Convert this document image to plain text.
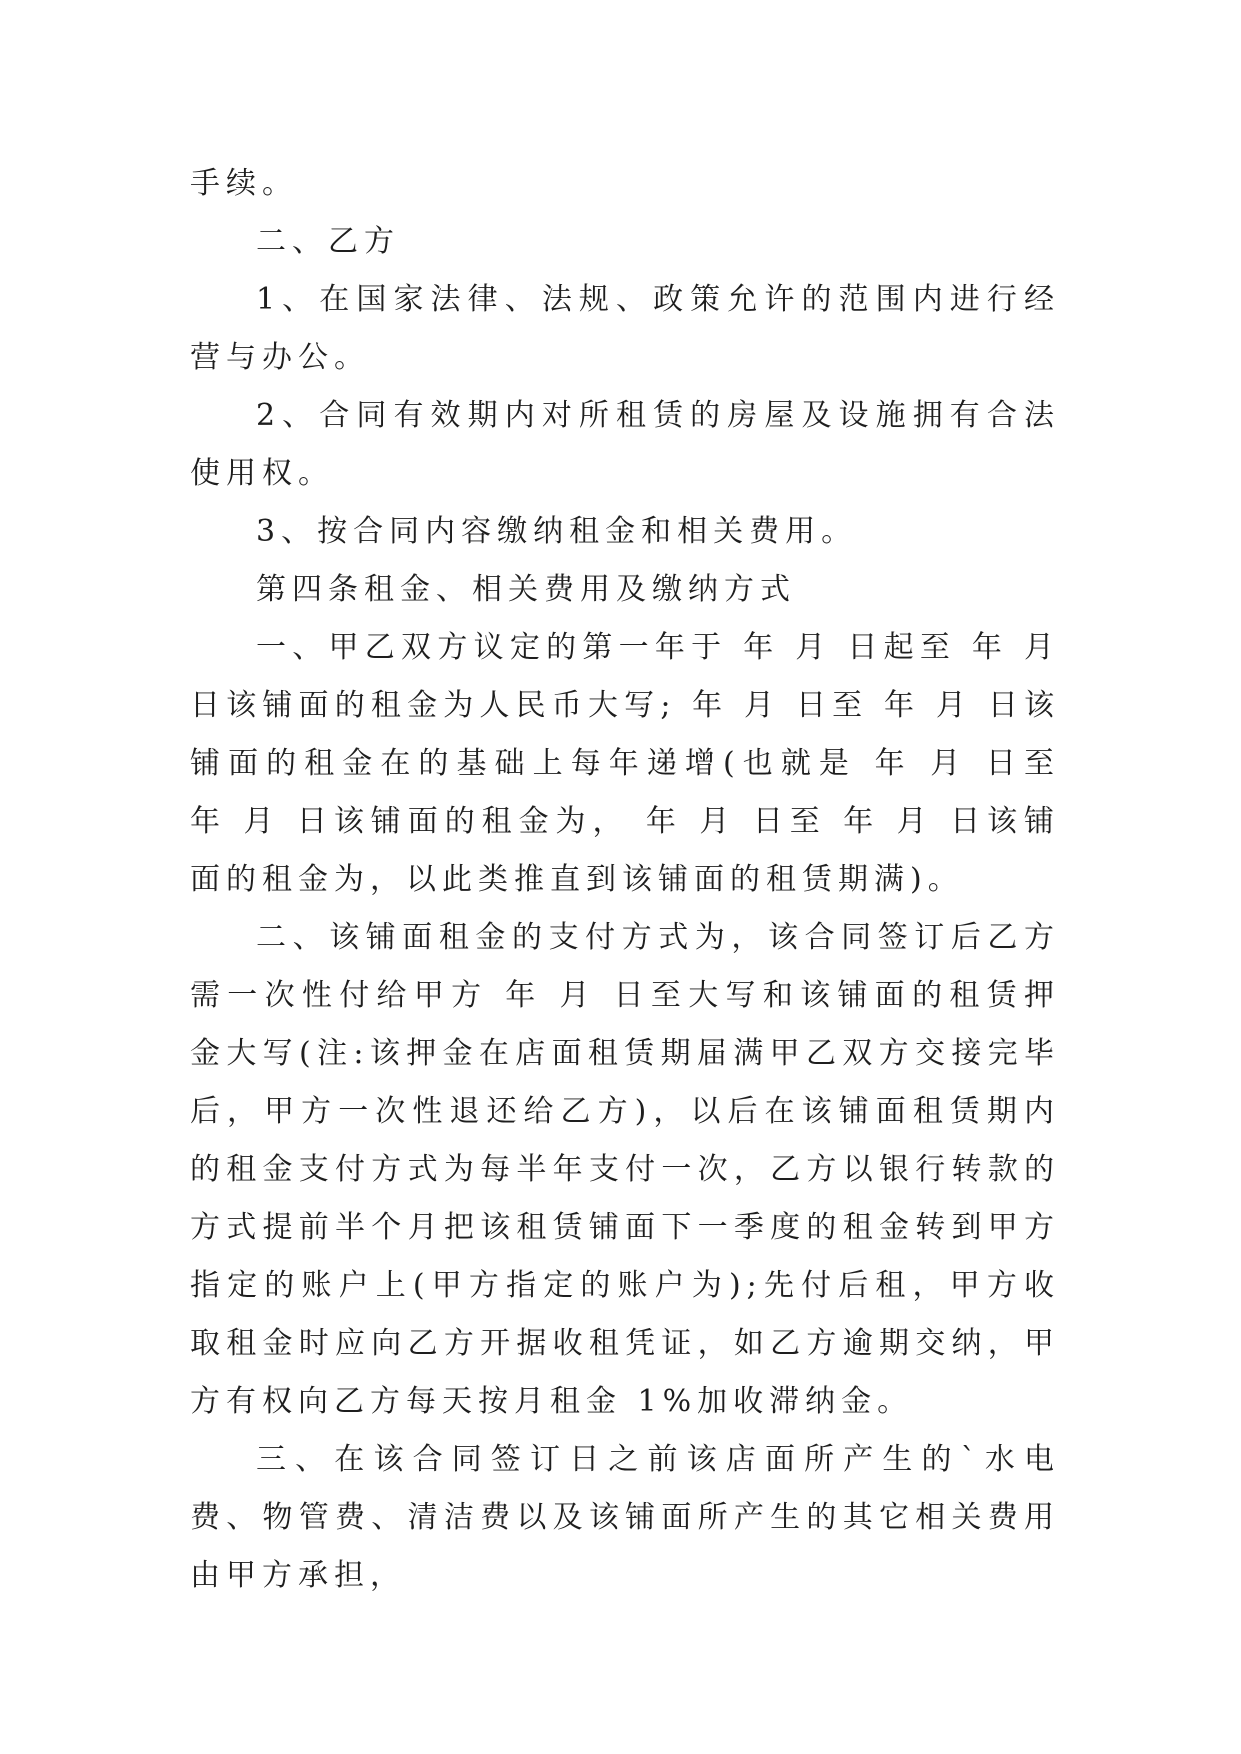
手续。

二、乙方

1、在国家法律、法规、政策允许的范围内进行经营与办公。

2、合同有效期内对所租赁的房屋及设施拥有合法使用权。

3、按合同内容缴纳租金和相关费用。

第四条租金、相关费用及缴纳方式

一、甲乙双方议定的第一年于 年 月 日起至 年 月 日该铺面的租金为人民币大写; 年 月 日至 年 月 日该铺面的租金在的基础上每年递增(也就是 年 月 日至 年 月 日该铺面的租金为， 年 月 日至 年 月 日该铺面的租金为，以此类推直到该铺面的租赁期满)。

二、该铺面租金的支付方式为，该合同签订后乙方需一次性付给甲方 年 月 日至大写和该铺面的租赁押金大写(注:该押金在店面租赁期届满甲乙双方交接完毕后，甲方一次性退还给乙方)，以后在该铺面租赁期内的租金支付方式为每半年支付一次，乙方以银行转款的方式提前半个月把该租赁铺面下一季度的租金转到甲方指定的账户上(甲方指定的账户为);先付后租，甲方收取租金时应向乙方开据收租凭证，如乙方逾期交纳，甲方有权向乙方每天按月租金 1%加收滞纳金。

三、在该合同签订日之前该店面所产生的`水电费、物管费、清洁费以及该铺面所产生的其它相关费用由甲方承担，
